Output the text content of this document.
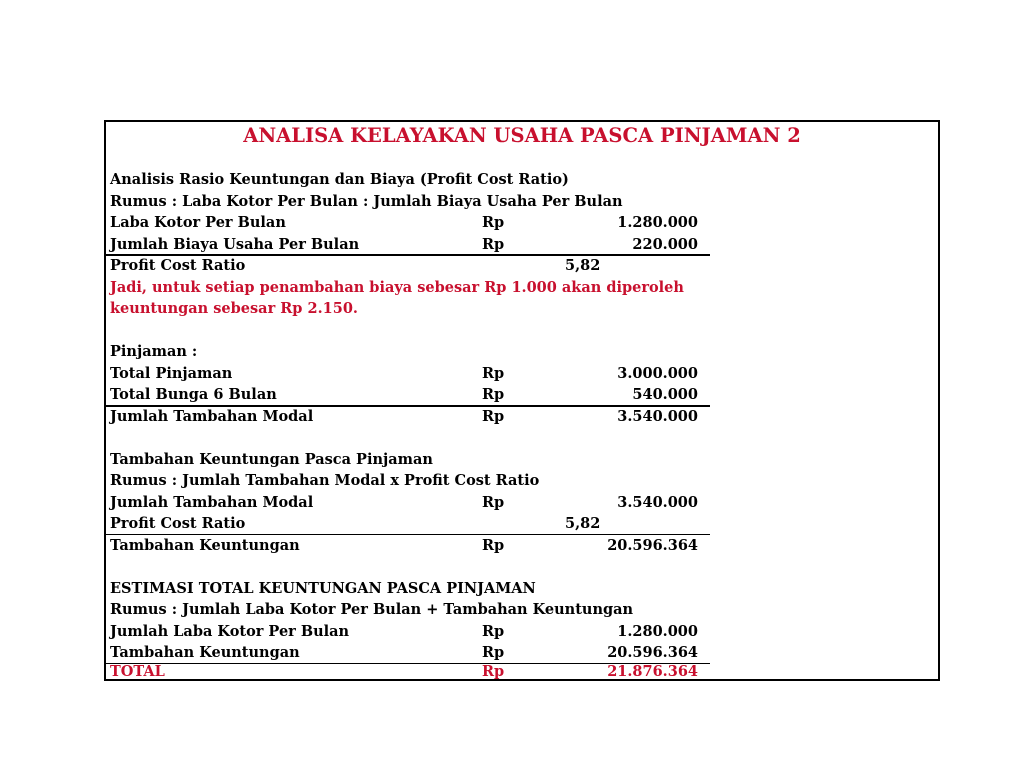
ANALISA KELAYAKAN USAHA PASCA PINJAMAN 2
Analisis Rasio Keuntungan dan Biaya (Profit Cost Ratio)
Rumus : Laba Kotor Per Bulan : Jumlah Biaya Usaha Per Bulan
Laba Kotor Per Bulan	Rp	1.280.000
Jumlah Biaya Usaha Per Bulan	Rp	220.000
Profit Cost Ratio	5,82
Jadi, untuk setiap penambahan biaya sebesar Rp 1.000 akan diperoleh
keuntungan sebesar Rp 2.150.
Pinjaman :
Total Pinjaman	Rp	3.000.000
Total Bunga 6 Bulan	Rp	540.000
Jumlah Tambahan Modal	Rp	3.540.000
Tambahan Keuntungan Pasca Pinjaman
Rumus : Jumlah Tambahan Modal x Profit Cost Ratio
Jumlah Tambahan Modal	Rp	3.540.000
Profit Cost Ratio	5,82
Tambahan Keuntungan	Rp	20.596.364
ESTIMASI TOTAL KEUNTUNGAN PASCA PINJAMAN
Rumus : Jumlah Laba Kotor Per Bulan + Tambahan Keuntungan
Jumlah Laba Kotor Per Bulan	Rp	1.280.000
Tambahan Keuntungan	Rp	20.596.364
TOTAL	Rp	21.876.364
